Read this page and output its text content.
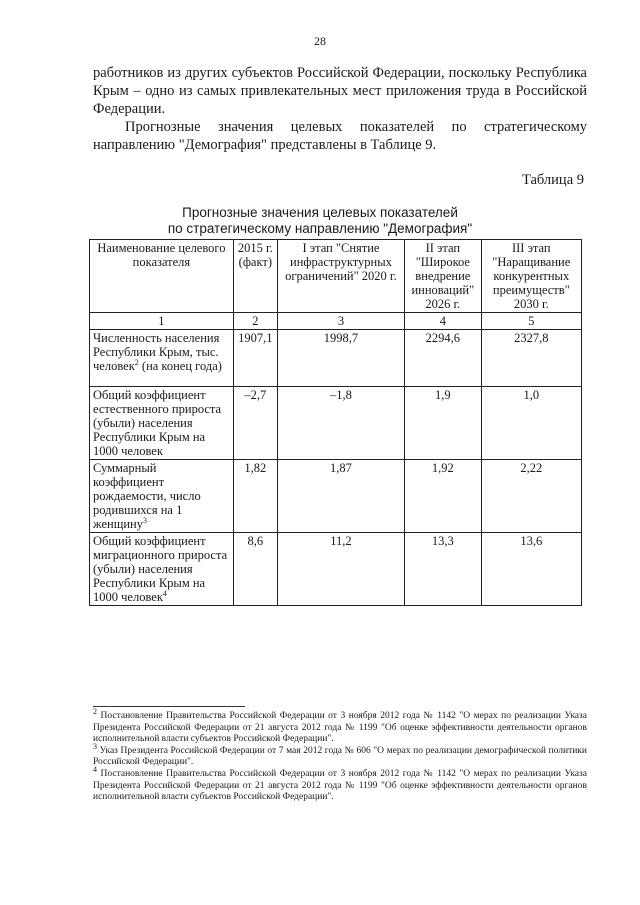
28

работников из других субъектов Российской Федерации, поскольку Республика Крым – одно из самых привлекательных мест приложения труда в Российской Федерации.

Прогнозные значения целевых показателей по стратегическому направлению "Демография" представлены в Таблице 9.

Таблица 9
Прогнозные значения целевых показателей
по стратегическому направлению "Демография"
Наименование целевого показателя	2015 г. (факт)	I этап "Снятие инфраструктурных ограничений" 2020 г.	II этап "Широкое внедрение инноваций" 2026 г.	III этап "Наращивание конкурентных преимуществ" 2030 г.
1	2	3	4	5
Численность населения Республики Крым, тыс. человек$^2$ (на конец года)	1907,1	1998,7	2294,6	2327,8
Общий коэффициент естественного прироста (убыли) населения Республики Крым на 1000 человек	–2,7	–1,8	1,9	1,0
Суммарный коэффициент рождаемости, число родившихся на 1 женщину$^3$	1,82	1,87	1,92	2,22
Общий коэффициент миграционного прироста (убыли) населения Республики Крым на 1000 человек$^4$	8,6	11,2	13,3	13,6

$^2$ Постановление Правительства Российской Федерации от 3 ноября 2012 года № 1142 "О мерах по реализации Указа Президента Российской Федерации от 21 августа 2012 года № 1199 "Об оценке эффективности деятельности органов исполнительной власти субъектов Российской Федерации".

$^3$ Указ Президента Российской Федерации от 7 мая 2012 года № 606 "О мерах по реализации демографической политики Российской Федерации".

$^4$ Постановление Правительства Российской Федерации от 3 ноября 2012 года № 1142 "О мерах по реализации Указа Президента Российской Федерации от 21 августа 2012 года № 1199 "Об оценке эффективности деятельности органов исполнительной власти субъектов Российской Федерации".
